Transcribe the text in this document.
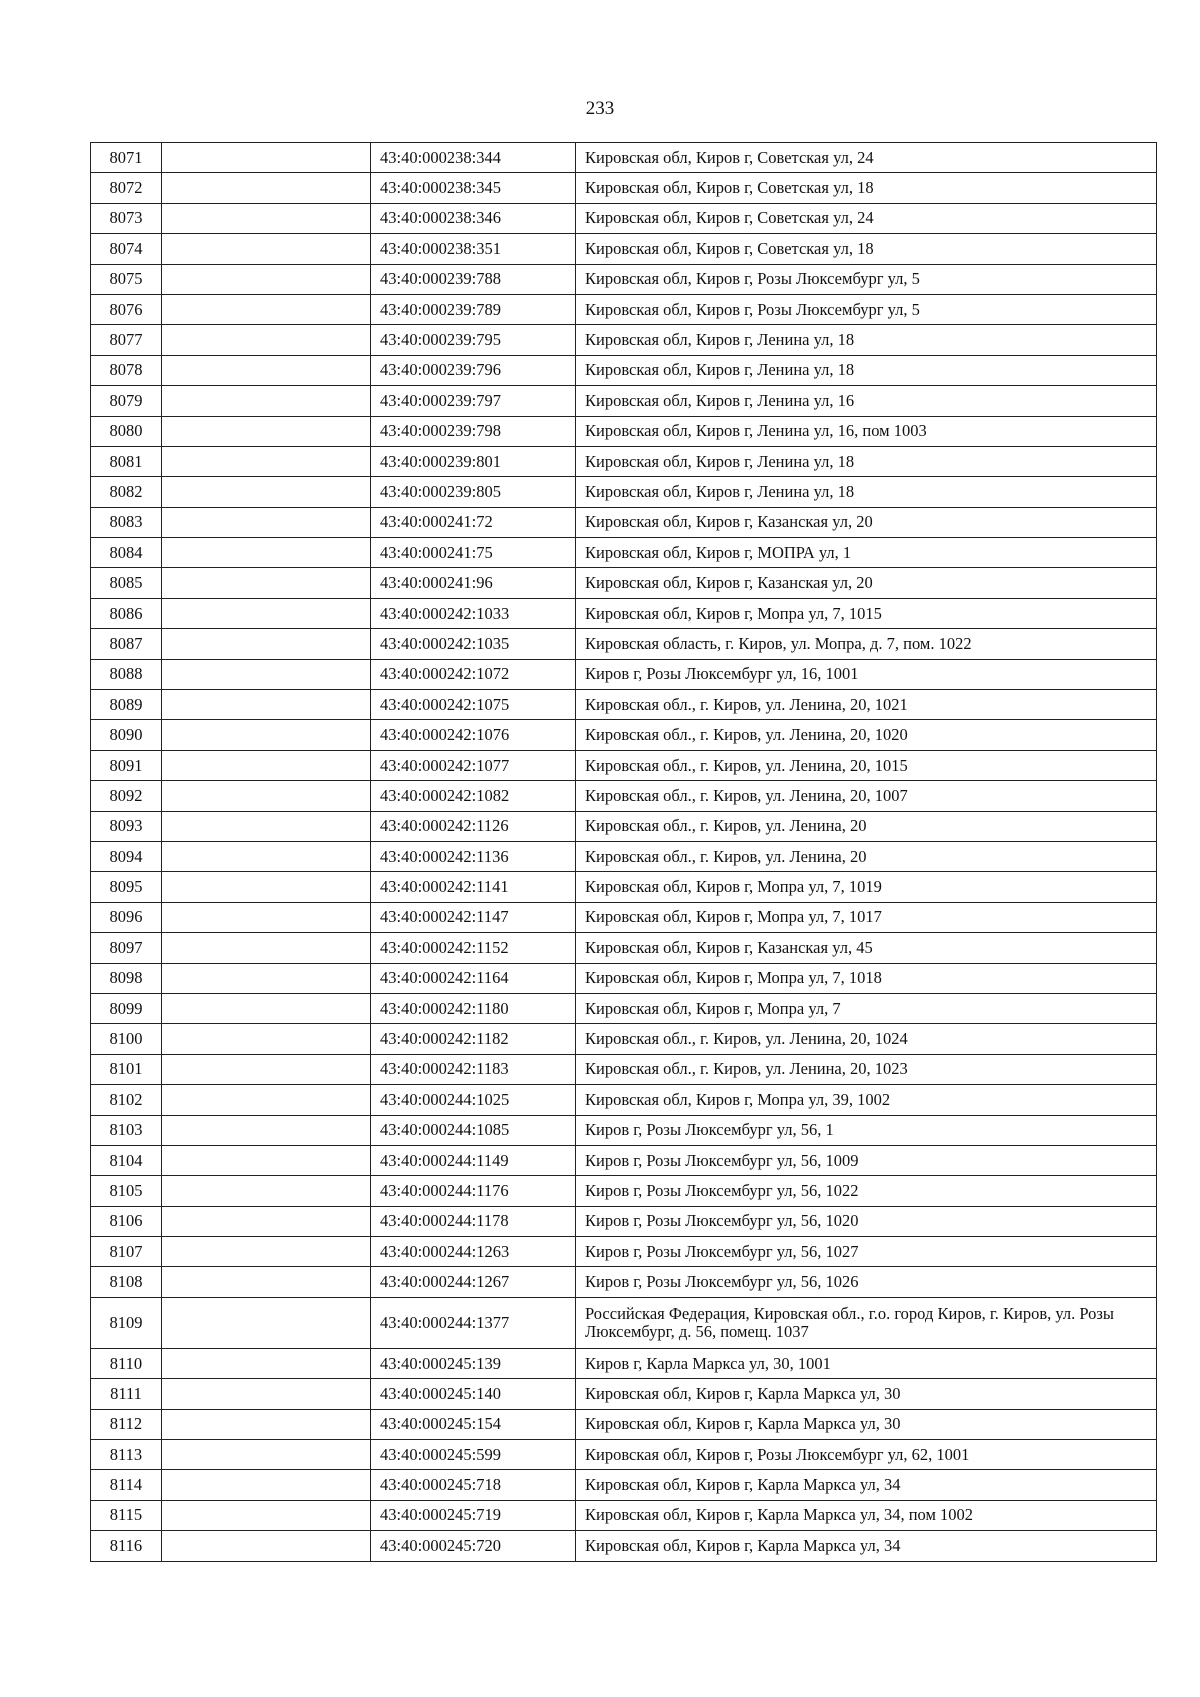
233
8071		43:40:000238:344	Кировская обл, Киров г, Советская ул, 24
8072		43:40:000238:345	Кировская обл, Киров г, Советская ул, 18
8073		43:40:000238:346	Кировская обл, Киров г, Советская ул, 24
8074		43:40:000238:351	Кировская обл, Киров г, Советская ул, 18
8075		43:40:000239:788	Кировская обл, Киров г, Розы Люксембург ул, 5
8076		43:40:000239:789	Кировская обл, Киров г, Розы Люксембург ул, 5
8077		43:40:000239:795	Кировская обл, Киров г, Ленина ул, 18
8078		43:40:000239:796	Кировская обл, Киров г, Ленина ул, 18
8079		43:40:000239:797	Кировская обл, Киров г, Ленина ул, 16
8080		43:40:000239:798	Кировская обл, Киров г, Ленина ул, 16, пом 1003
8081		43:40:000239:801	Кировская обл, Киров г, Ленина ул, 18
8082		43:40:000239:805	Кировская обл, Киров г, Ленина ул, 18
8083		43:40:000241:72	Кировская обл, Киров г, Казанская ул, 20
8084		43:40:000241:75	Кировская обл, Киров г, МОПРА ул, 1
8085		43:40:000241:96	Кировская обл, Киров г, Казанская ул, 20
8086		43:40:000242:1033	Кировская обл, Киров г, Мопра ул, 7, 1015
8087		43:40:000242:1035	Кировская область, г. Киров, ул. Мопра, д. 7, пом. 1022
8088		43:40:000242:1072	Киров г, Розы Люксембург ул, 16, 1001
8089		43:40:000242:1075	Кировская обл., г. Киров, ул. Ленина, 20, 1021
8090		43:40:000242:1076	Кировская обл., г. Киров, ул. Ленина, 20, 1020
8091		43:40:000242:1077	Кировская обл., г. Киров, ул. Ленина, 20, 1015
8092		43:40:000242:1082	Кировская обл., г. Киров, ул. Ленина, 20, 1007
8093		43:40:000242:1126	Кировская обл., г. Киров, ул. Ленина, 20
8094		43:40:000242:1136	Кировская обл., г. Киров, ул. Ленина, 20
8095		43:40:000242:1141	Кировская обл, Киров г, Мопра ул, 7, 1019
8096		43:40:000242:1147	Кировская обл, Киров г, Мопра ул, 7, 1017
8097		43:40:000242:1152	Кировская обл, Киров г, Казанская ул, 45
8098		43:40:000242:1164	Кировская обл, Киров г, Мопра ул, 7, 1018
8099		43:40:000242:1180	Кировская обл, Киров г, Мопра ул, 7
8100		43:40:000242:1182	Кировская обл., г. Киров, ул. Ленина, 20, 1024
8101		43:40:000242:1183	Кировская обл., г. Киров, ул. Ленина, 20, 1023
8102		43:40:000244:1025	Кировская обл, Киров г, Мопра ул, 39, 1002
8103		43:40:000244:1085	Киров г, Розы Люксембург ул, 56, 1
8104		43:40:000244:1149	Киров г, Розы Люксембург ул, 56, 1009
8105		43:40:000244:1176	Киров г, Розы Люксембург ул, 56, 1022
8106		43:40:000244:1178	Киров г, Розы Люксембург ул, 56, 1020
8107		43:40:000244:1263	Киров г, Розы Люксембург ул, 56, 1027
8108		43:40:000244:1267	Киров г, Розы Люксембург ул, 56, 1026
8109		43:40:000244:1377	Российская Федерация, Кировская обл., г.о. город Киров, г. Киров, ул. Розы Люксембург, д. 56, помещ. 1037
8110		43:40:000245:139	Киров г, Карла Маркса ул, 30, 1001
8111		43:40:000245:140	Кировская обл, Киров г, Карла Маркса ул, 30
8112		43:40:000245:154	Кировская обл, Киров г, Карла Маркса ул, 30
8113		43:40:000245:599	Кировская обл, Киров г, Розы Люксембург ул, 62, 1001
8114		43:40:000245:718	Кировская обл, Киров г, Карла Маркса ул, 34
8115		43:40:000245:719	Кировская обл, Киров г, Карла Маркса ул, 34, пом 1002
8116		43:40:000245:720	Кировская обл, Киров г, Карла Маркса ул, 34
